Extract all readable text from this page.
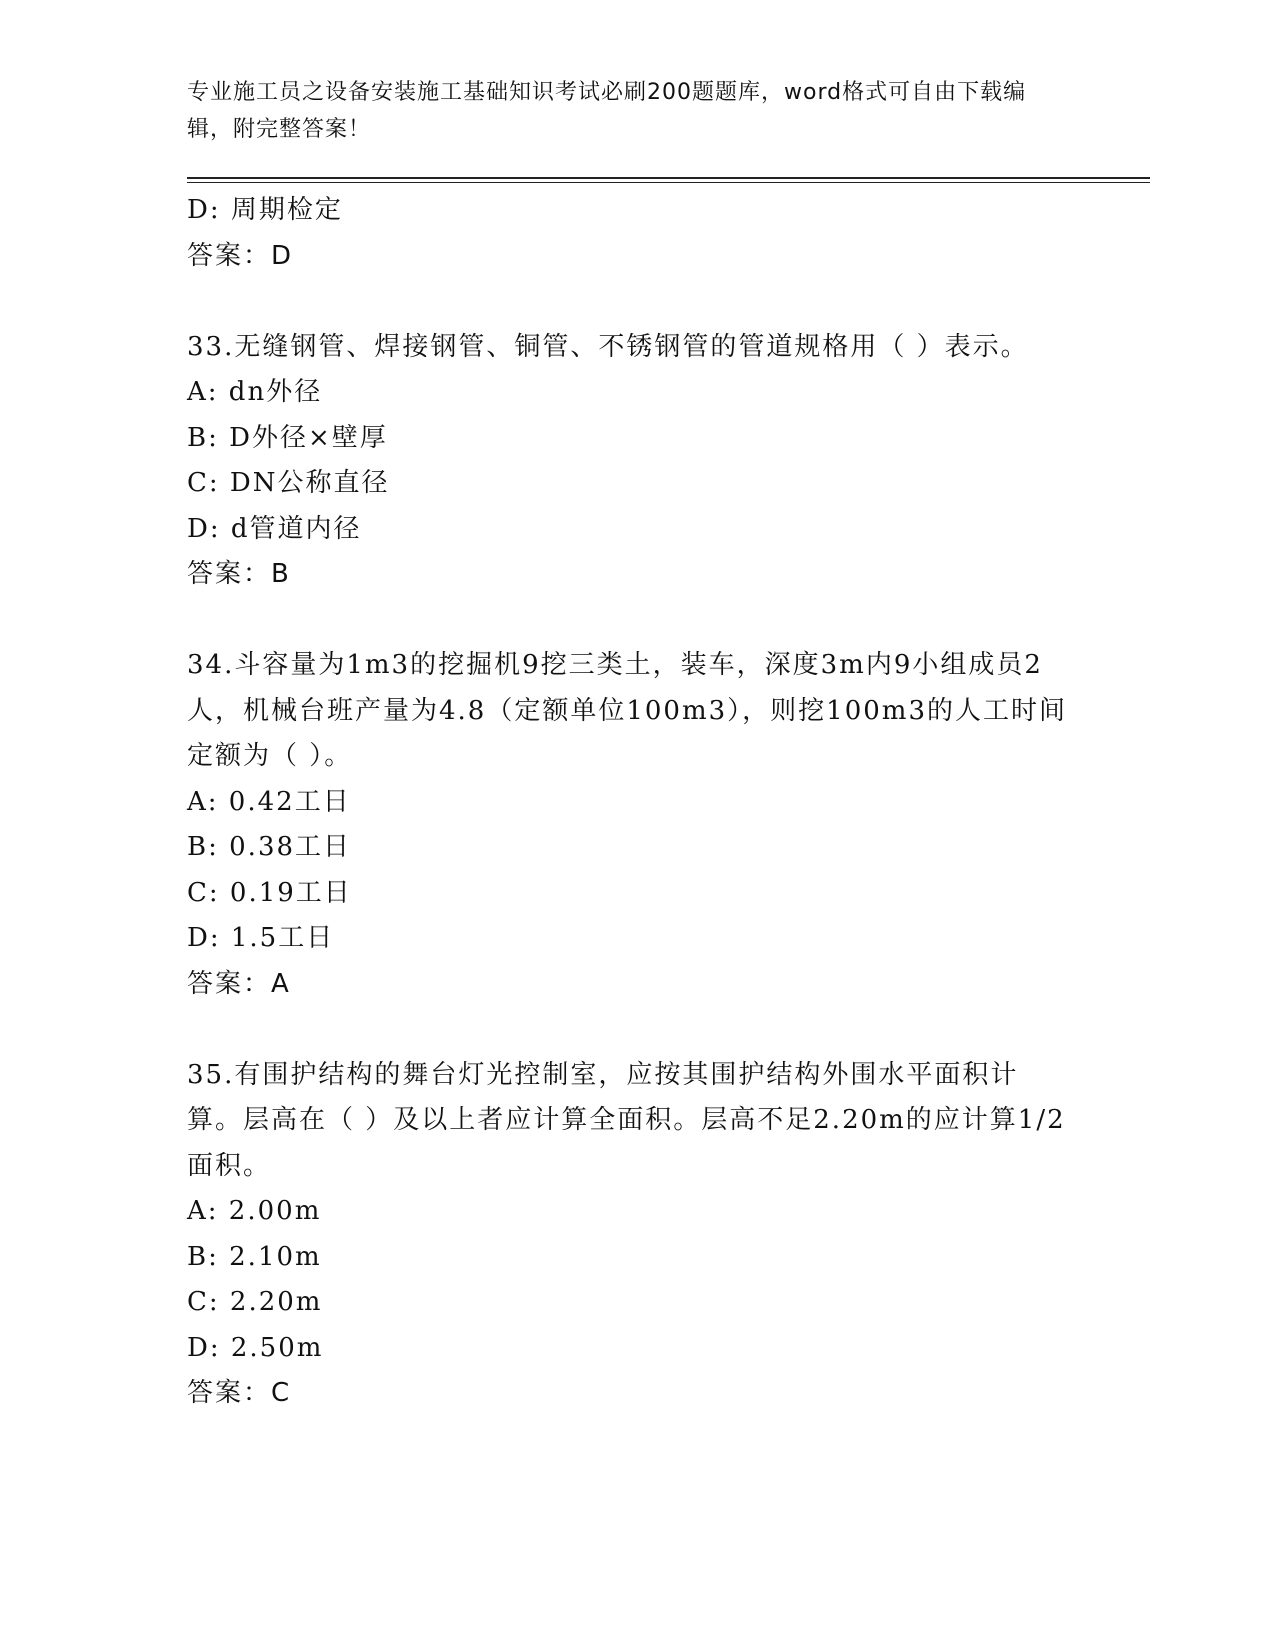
专业施工员之设备安装施工基础知识考试必刷200题题库，word格式可自由下载编辑，附完整答案！
D: 周期检定
答案：D
33.无缝钢管、焊接钢管、铜管、不锈钢管的管道规格用（ ）表示。
A: dn外径
B: D外径×壁厚
C: DN公称直径
D: d管道内径
答案：B
34.斗容量为1m3的挖掘机9挖三类土，装车，深度3m内9小组成员2人，机械台班产量为4.8（定额单位100m3），则挖100m3的人工时间定额为（ ）。
A: 0.42工日
B: 0.38工日
C: 0.19工日
D: 1.5工日
答案：A
35.有围护结构的舞台灯光控制室，应按其围护结构外围水平面积计算。层高在（ ）及以上者应计算全面积。层高不足2.20m的应计算1/2面积。
A: 2.00m
B: 2.10m
C: 2.20m
D: 2.50m
答案：C
